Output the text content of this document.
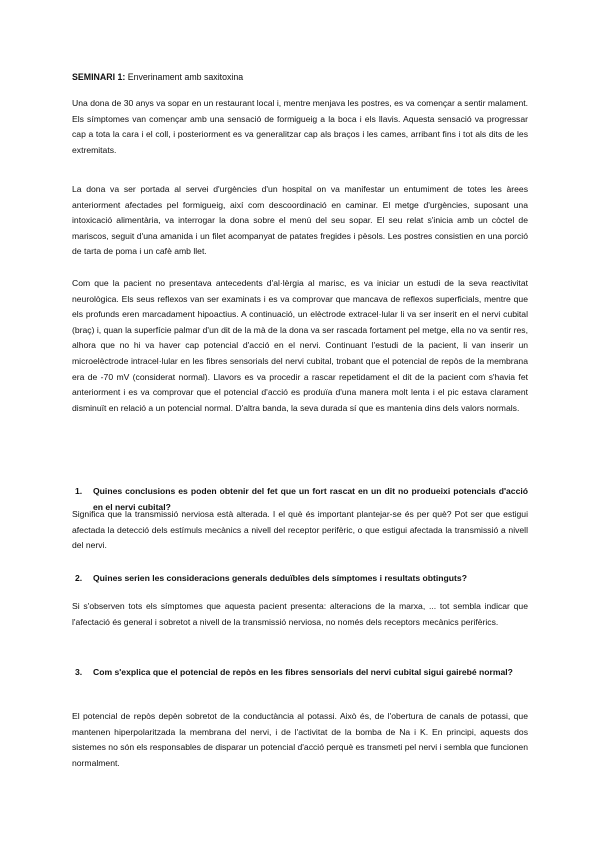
SEMINARI 1: Enverinament amb saxitoxina

Una dona de 30 anys va sopar en un restaurant local i, mentre menjava les postres, es va començar a sentir malament. Els símptomes van començar amb una sensació de formigueig a la boca i els llavis. Aquesta sensació va progressar cap a tota la cara i el coll, i posteriorment es va generalitzar cap als braços i les cames, arribant fins i tot als dits de les extremitats.

La dona va ser portada al servei d'urgències d'un hospital on va manifestar un entumiment de totes les àrees anteriorment afectades pel formigueig, així com descoordinació en caminar. El metge d'urgències, suposant una intoxicació alimentària, va interrogar la dona sobre el menú del seu sopar. El seu relat s'inicia amb un còctel de mariscos, seguit d'una amanida i un filet acompanyat de patates fregides i pèsols. Les postres consistien en una porció de tarta de poma i un cafè amb llet.

Com que la pacient no presentava antecedents d'al·lèrgia al marisc, es va iniciar un estudi de la seva reactivitat neurològica. Els seus reflexos van ser examinats i es va comprovar que mancava de reflexos superficials, mentre que els profunds eren marcadament hipoactius. A continuació, un elèctrode extracel·lular li va ser inserit en el nervi cubital (braç) i, quan la superfície palmar d'un dit de la mà de la dona va ser rascada fortament pel metge, ella no va sentir res, alhora que no hi va haver cap potencial d'acció en el nervi. Continuant l'estudi de la pacient, li van inserir un microelèctrode intracel·lular en les fibres sensorials del nervi cubital, trobant que el potencial de repòs de la membrana era de -70 mV (considerat normal). Llavors es va procedir a rascar repetidament el dit de la pacient com s'havia fet anteriorment i es va comprovar que el potencial d'acció es produïa d'una manera molt lenta i el pic estava clarament disminuït en relació a un potencial normal. D'altra banda, la seva durada sí que es mantenia dins dels valors normals.

1.	Quines conclusions es poden obtenir del fet que un fort rascat en un dit no produeixi potencials d'acció en el nervi cubital?

Significa que la transmissió nerviosa està alterada. I el què és important plantejar-se és per què? Pot ser que estigui afectada la detecció dels estímuls mecànics a nivell del receptor perifèric, o que estigui afectada la transmissió a nivell del nervi.

2.	Quines serien les consideracions generals deduïbles dels símptomes i resultats obtinguts?

Si s'observen tots els símptomes que aquesta pacient presenta: alteracions de la marxa, ... tot sembla indicar que l'afectació és general i sobretot a nivell de la transmissió nerviosa, no només dels receptors mecànics perifèrics.

3.	Com s'explica que el potencial de repòs en les fibres sensorials del nervi cubital sigui gairebé normal?

El potencial de repòs depèn sobretot de la conductància al potassi. Això és, de l'obertura de canals de potassi, que mantenen hiperpolaritzada la membrana del nervi, i de l'activitat de la bomba de Na i K. En principi, aquests dos sistemes no són els responsables de disparar un potencial d'acció perquè es transmeti pel nervi i sembla que funcionen normalment.
